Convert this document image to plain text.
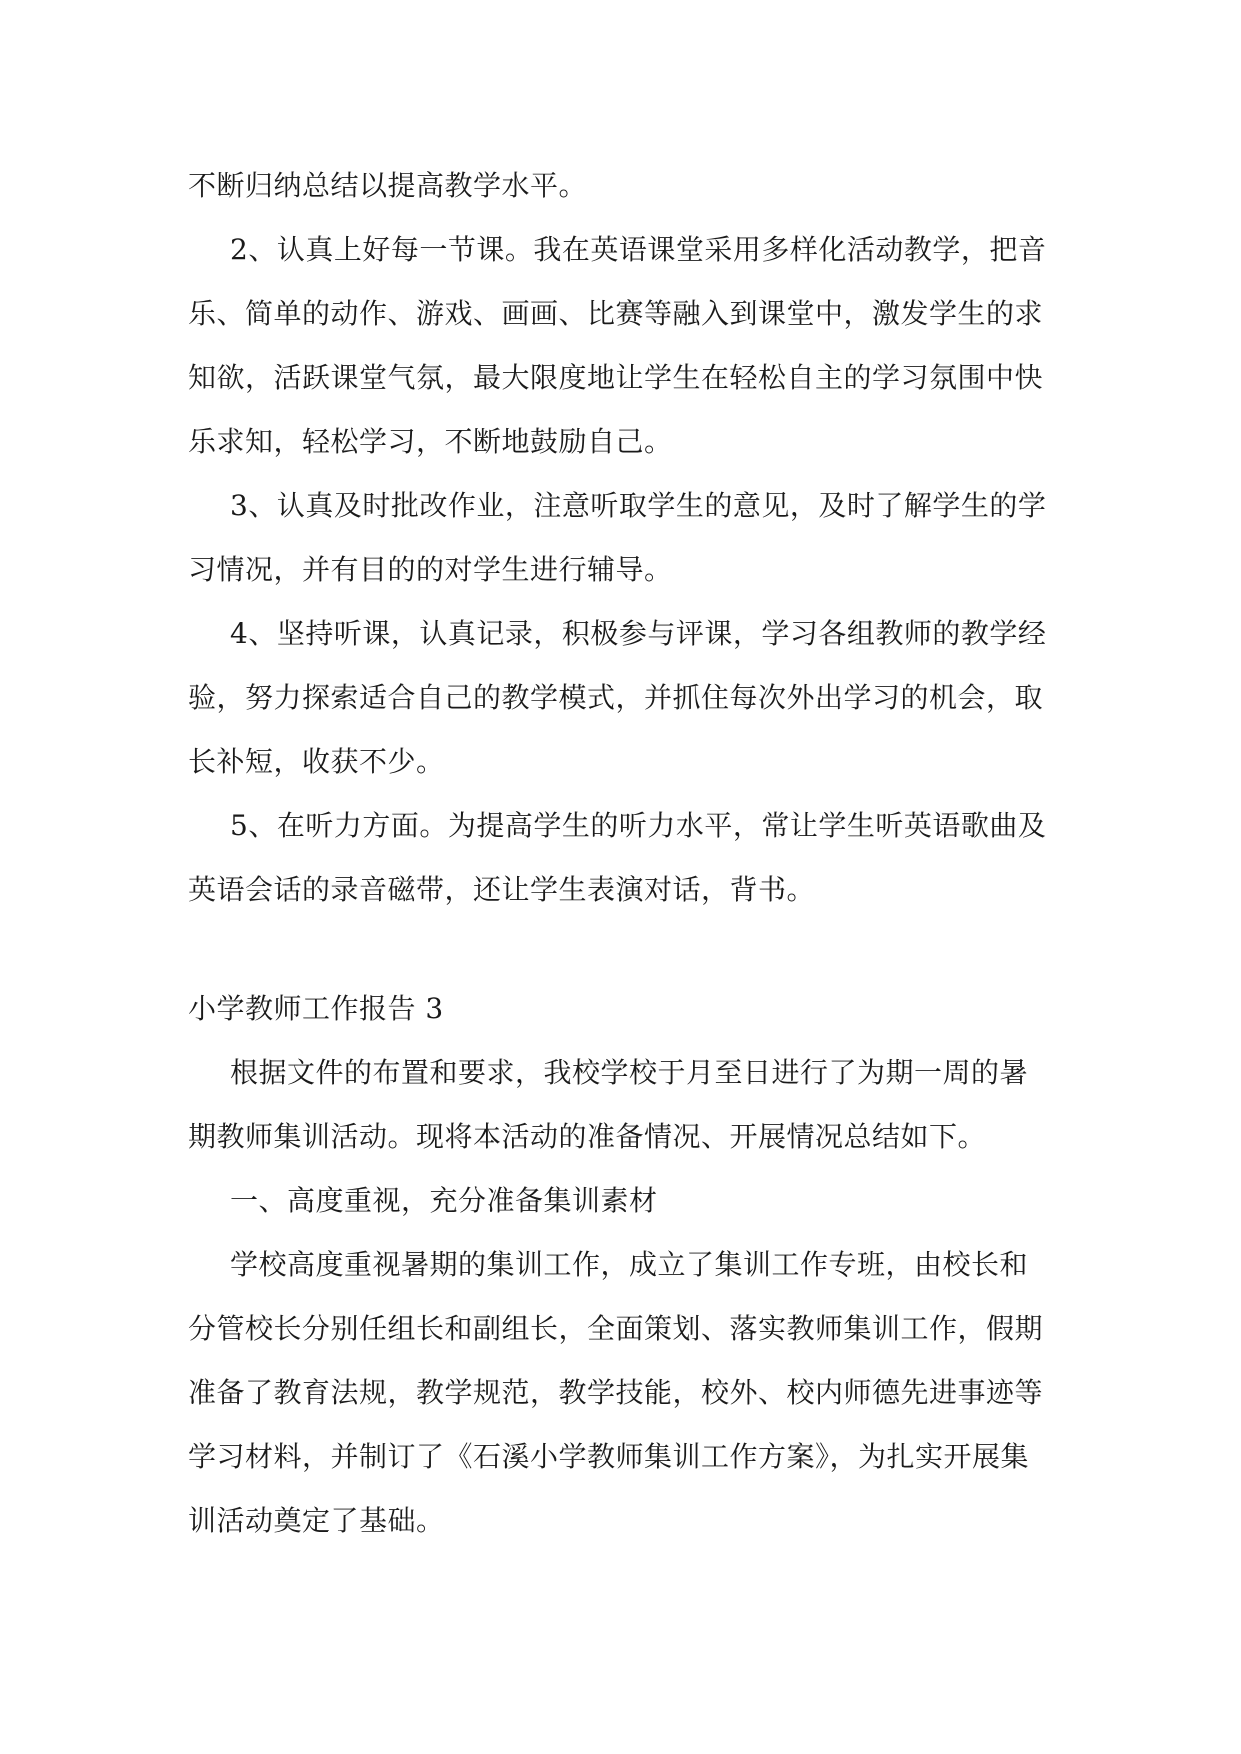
不断归纳总结以提高教学水平。
2、认真上好每一节课。我在英语课堂采用多样化活动教学，把音
乐、简单的动作、游戏、画画、比赛等融入到课堂中，激发学生的求
知欲，活跃课堂气氛，最大限度地让学生在轻松自主的学习氛围中快
乐求知，轻松学习，不断地鼓励自己。
3、认真及时批改作业，注意听取学生的意见，及时了解学生的学
习情况，并有目的的对学生进行辅导。
4、坚持听课，认真记录，积极参与评课，学习各组教师的教学经
验，努力探索适合自己的教学模式，并抓住每次外出学习的机会，取
长补短，收获不少。
5、在听力方面。为提高学生的听力水平，常让学生听英语歌曲及
英语会话的录音磁带，还让学生表演对话，背书。
小学教师工作报告 3
根据文件的布置和要求，我校学校于月至日进行了为期一周的暑
期教师集训活动。现将本活动的准备情况、开展情况总结如下。
一、高度重视，充分准备集训素材
学校高度重视暑期的集训工作，成立了集训工作专班，由校长和
分管校长分别任组长和副组长，全面策划、落实教师集训工作，假期
准备了教育法规，教学规范，教学技能，校外、校内师德先进事迹等
学习材料，并制订了《石溪小学教师集训工作方案》，为扎实开展集
训活动奠定了基础。
